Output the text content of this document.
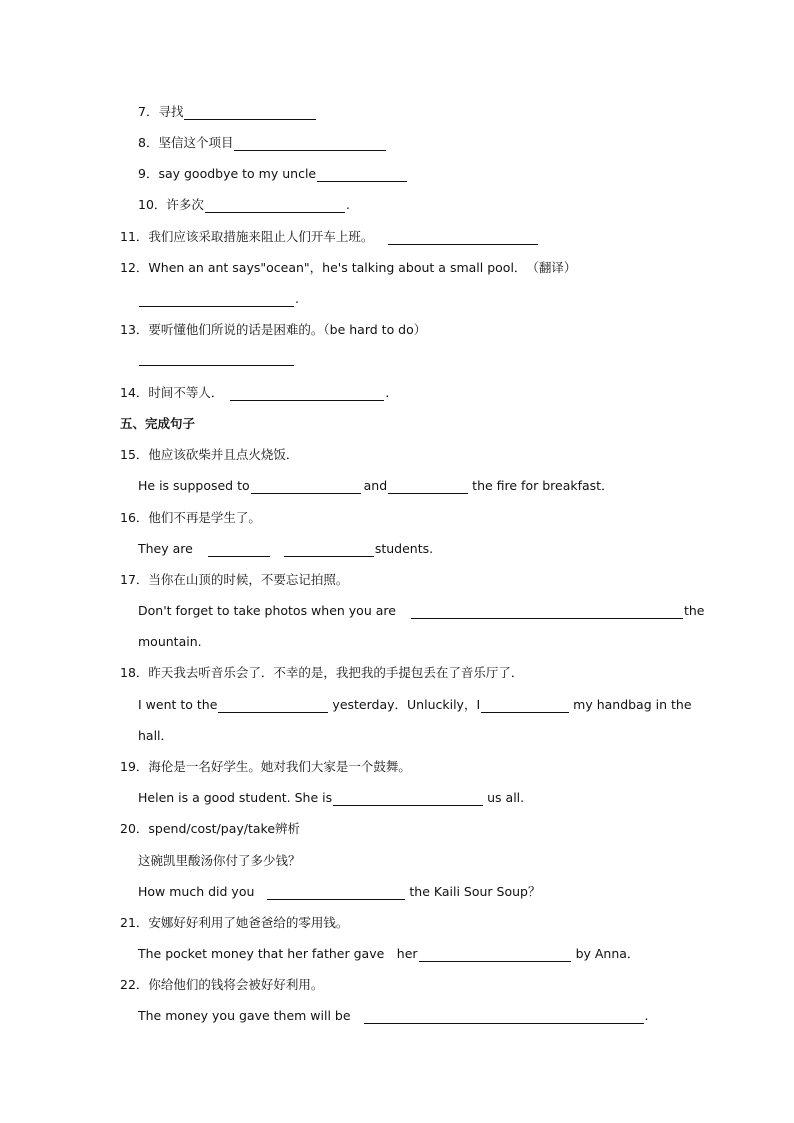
7． 寻找
8． 坚信这个项目
9． say goodbye to my uncle
10． 许多次	.
11． 我们应该采取措施来阻止人们开车上班。
12． When an ant says"ocean"，he's talking about a small pool．　（翻译）
.
13． 要听懂他们所说的话是困难的。（be hard to do）
14． 时间不等人．	.
五、完成句子
15． 他应该砍柴并且点火烧饭．
He is supposed to	and	the fire for breakfast．
16． 他们不再是学生了。
They are	students.
17． 当你在山顶的时候，不要忘记拍照。
Don't forget to take photos when you are	the
mountain.
18． 昨天我去听音乐会了．不幸的是，我把我的手提包丢在了音乐厅了．
I went to the	yesterday．Unluckily，I	my handbag in the
hall．
19． 海伦是一名好学生。她对我们大家是一个鼓舞。
Helen is a good student. She is	us all.
20． spend/cost/pay/take辨析
这碗凯里酸汤你付了多少钱？
How much did you	the Kaili Sour Soup？
21． 安娜好好利用了她爸爸给的零用钱。
The pocket money that her father gave　her	by Anna．
22． 你给他们的钱将会被好好利用。
The money you gave them will be	.
